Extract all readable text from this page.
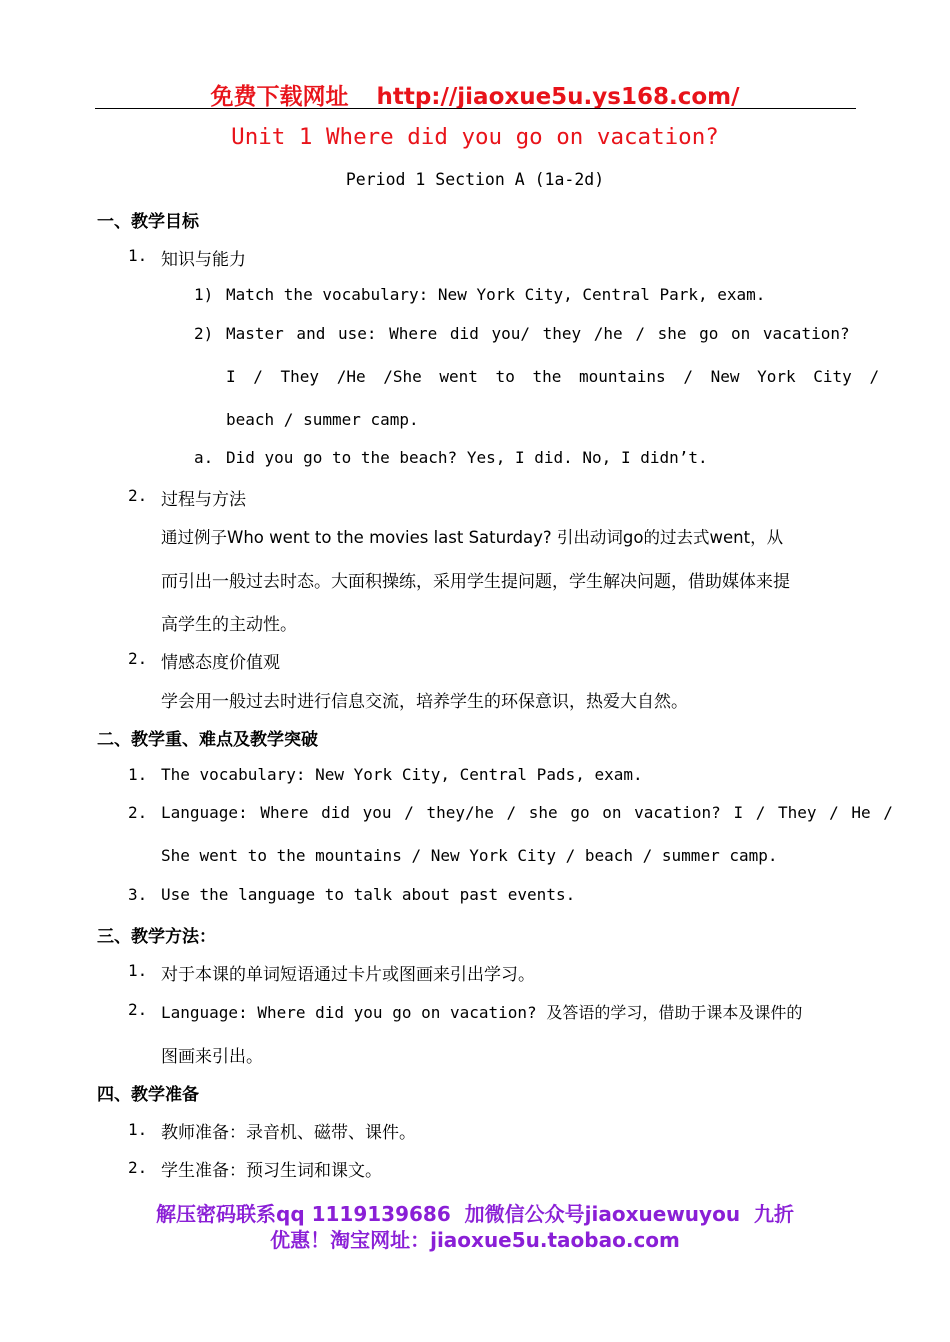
免费下载网址 http://jiaoxue5u.ys168.com/
Unit 1 Where did you go on vacation?
Period 1 Section A (1a-2d)
一、教学目标
1. 知识与能力
1) Match the vocabulary: New York City, Central Park, exam.
2) Master and use: Where did you/ they /he / she go on vacation?
I / They /He /She went to the mountains / New York City /
beach / summer camp.
a. Did you go to the beach? Yes, I did. No, I didn’t.
2. 过程与方法
通过例子Who went to the movies last Saturday? 引出动词go的过去式went，从
而引出一般过去时态。大面积操练，采用学生提问题，学生解决问题，借助媒体来提
高学生的主动性。
2. 情感态度价值观
学会用一般过去时进行信息交流，培养学生的环保意识，热爱大自然。
二、教学重、难点及教学突破
1. The vocabulary: New York City, Central Pads, exam.
2. Language: Where did you / they/he / she go on vacation? I / They / He /
She went to the mountains / New York City / beach / summer camp.
3. Use the language to talk about past events.
三、教学方法：
1. 对于本课的单词短语通过卡片或图画来引出学习。
2. Language: Where did you go on vacation? 及答语的学习，借助于课本及课件的
图画来引出。
四、教学准备
1. 教师准备：录音机、磁带、课件。
2. 学生准备：预习生词和课文。
解压密码联系qq 1119139686  加微信公众号jiaoxuewuyou  九折
优惠！淘宝网址：jiaoxue5u.taobao.com
